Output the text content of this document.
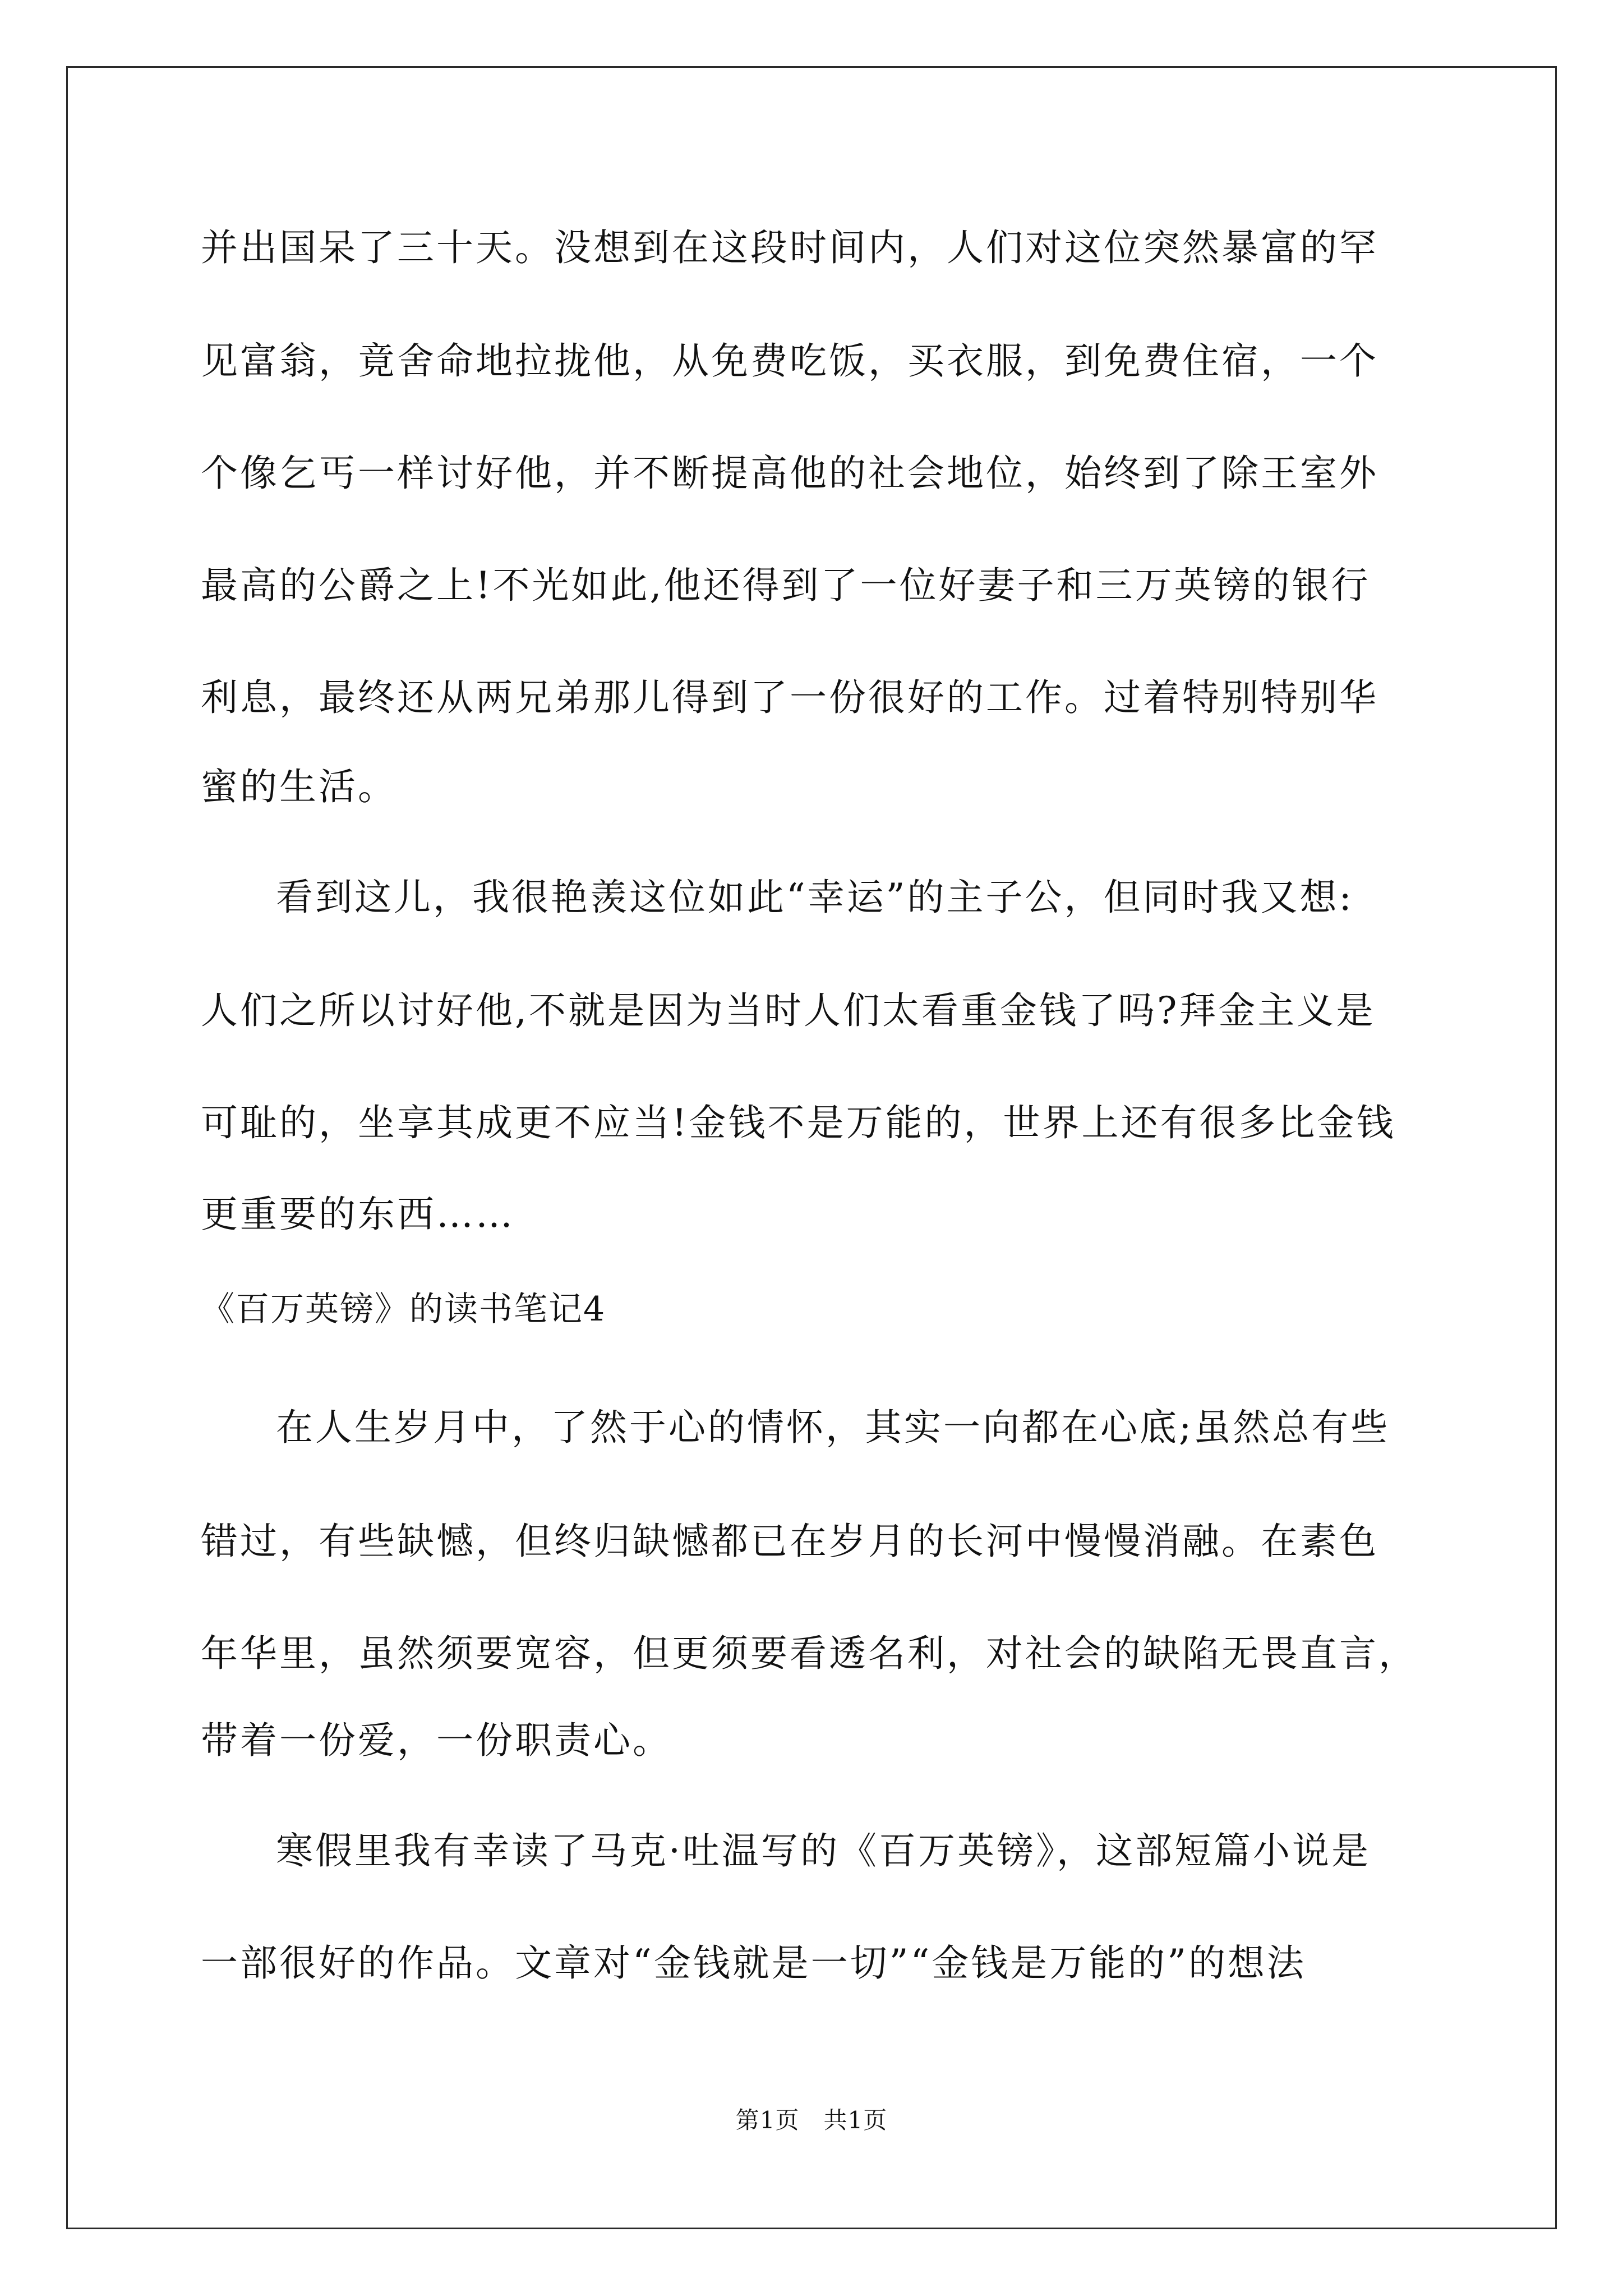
并出国呆了三十天。没想到在这段时间内，人们对这位突然暴富的罕
见富翁，竟舍命地拉拢他，从免费吃饭，买衣服，到免费住宿，一个
个像乞丐一样讨好他，并不断提高他的社会地位，始终到了除王室外
最高的公爵之上!不光如此,他还得到了一位好妻子和三万英镑的银行
利息，最终还从两兄弟那儿得到了一份很好的工作。过着特别特别华
蜜的生活。
看到这儿，我很艳羡这位如此“幸运”的主子公，但同时我又想:
人们之所以讨好他,不就是因为当时人们太看重金钱了吗?拜金主义是
可耻的，坐享其成更不应当!金钱不是万能的，世界上还有很多比金钱
更重要的东西……
《百万英镑》的读书笔记4
在人生岁月中，了然于心的情怀，其实一向都在心底;虽然总有些
错过，有些缺憾，但终归缺憾都已在岁月的长河中慢慢消融。在素色
年华里，虽然须要宽容，但更须要看透名利，对社会的缺陷无畏直言，
带着一份爱，一份职责心。
寒假里我有幸读了马克·吐温写的《百万英镑》，这部短篇小说是
一部很好的作品。文章对“金钱就是一切”“金钱是万能的”的想法
第1页　共1页
